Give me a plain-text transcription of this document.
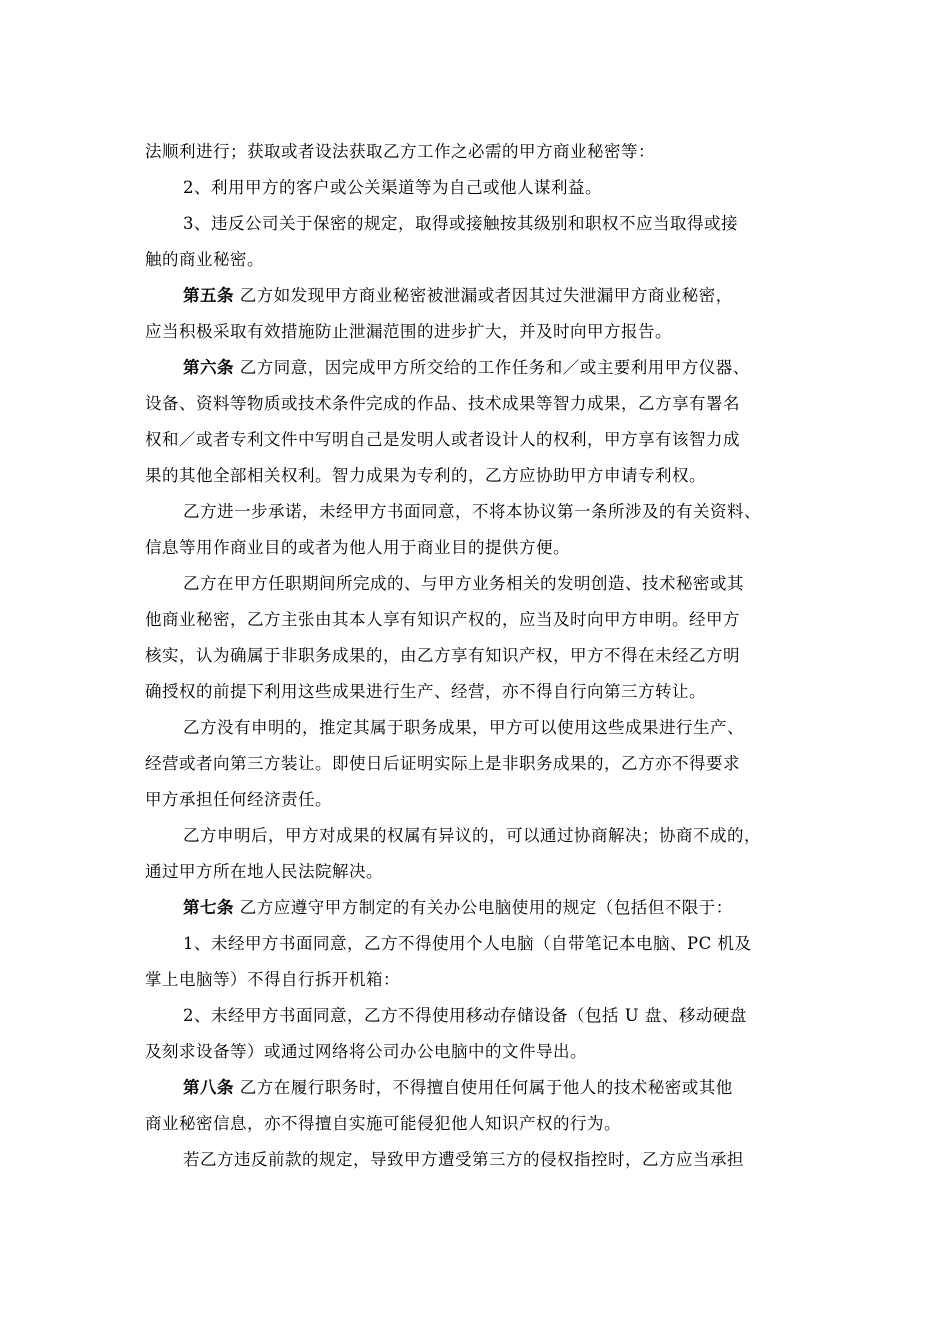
法顺利进行；获取或者设法获取乙方工作之必需的甲方商业秘密等：
2、利用甲方的客户或公关渠道等为自己或他人谋利益。
3、违反公司关于保密的规定，取得或接触按其级别和职权不应当取得或接
触的商业秘密。
第五条 乙方如发现甲方商业秘密被泄漏或者因其过失泄漏甲方商业秘密，
应当积极采取有效措施防止泄漏范围的进步扩大，并及时向甲方报告。
第六条 乙方同意，因完成甲方所交给的工作任务和／或主要利用甲方仪器、
设备、资料等物质或技术条件完成的作品、技术成果等智力成果，乙方享有署名
权和／或者专利文件中写明自己是发明人或者设计人的权利，甲方享有该智力成
果的其他全部相关权利。智力成果为专利的，乙方应协助甲方申请专利权。
乙方进一步承诺，未经甲方书面同意，不将本协议第一条所涉及的有关资料、
信息等用作商业目的或者为他人用于商业目的提供方便。
乙方在甲方任职期间所完成的、与甲方业务相关的发明创造、技术秘密或其
他商业秘密，乙方主张由其本人享有知识产权的，应当及时向甲方申明。经甲方
核实，认为确属于非职务成果的，由乙方享有知识产权，甲方不得在未经乙方明
确授权的前提下利用这些成果进行生产、经营，亦不得自行向第三方转让。
乙方没有申明的，推定其属于职务成果，甲方可以使用这些成果进行生产、
经营或者向第三方装让。即使日后证明实际上是非职务成果的，乙方亦不得要求
甲方承担任何经济责任。
乙方申明后，甲方对成果的权属有异议的，可以通过协商解决；协商不成的，
通过甲方所在地人民法院解决。
第七条 乙方应遵守甲方制定的有关办公电脑使用的规定（包括但不限于：
1、未经甲方书面同意，乙方不得使用个人电脑（自带笔记本电脑、PC 机及
掌上电脑等）不得自行拆开机箱：
2、未经甲方书面同意，乙方不得使用移动存储设备（包括 U 盘、移动硬盘
及刻求设备等）或通过网络将公司办公电脑中的文件导出。
第八条 乙方在履行职务时，不得擅自使用任何属于他人的技术秘密或其他
商业秘密信息，亦不得擅自实施可能侵犯他人知识产权的行为。
若乙方违反前款的规定，导致甲方遭受第三方的侵权指控时，乙方应当承担
